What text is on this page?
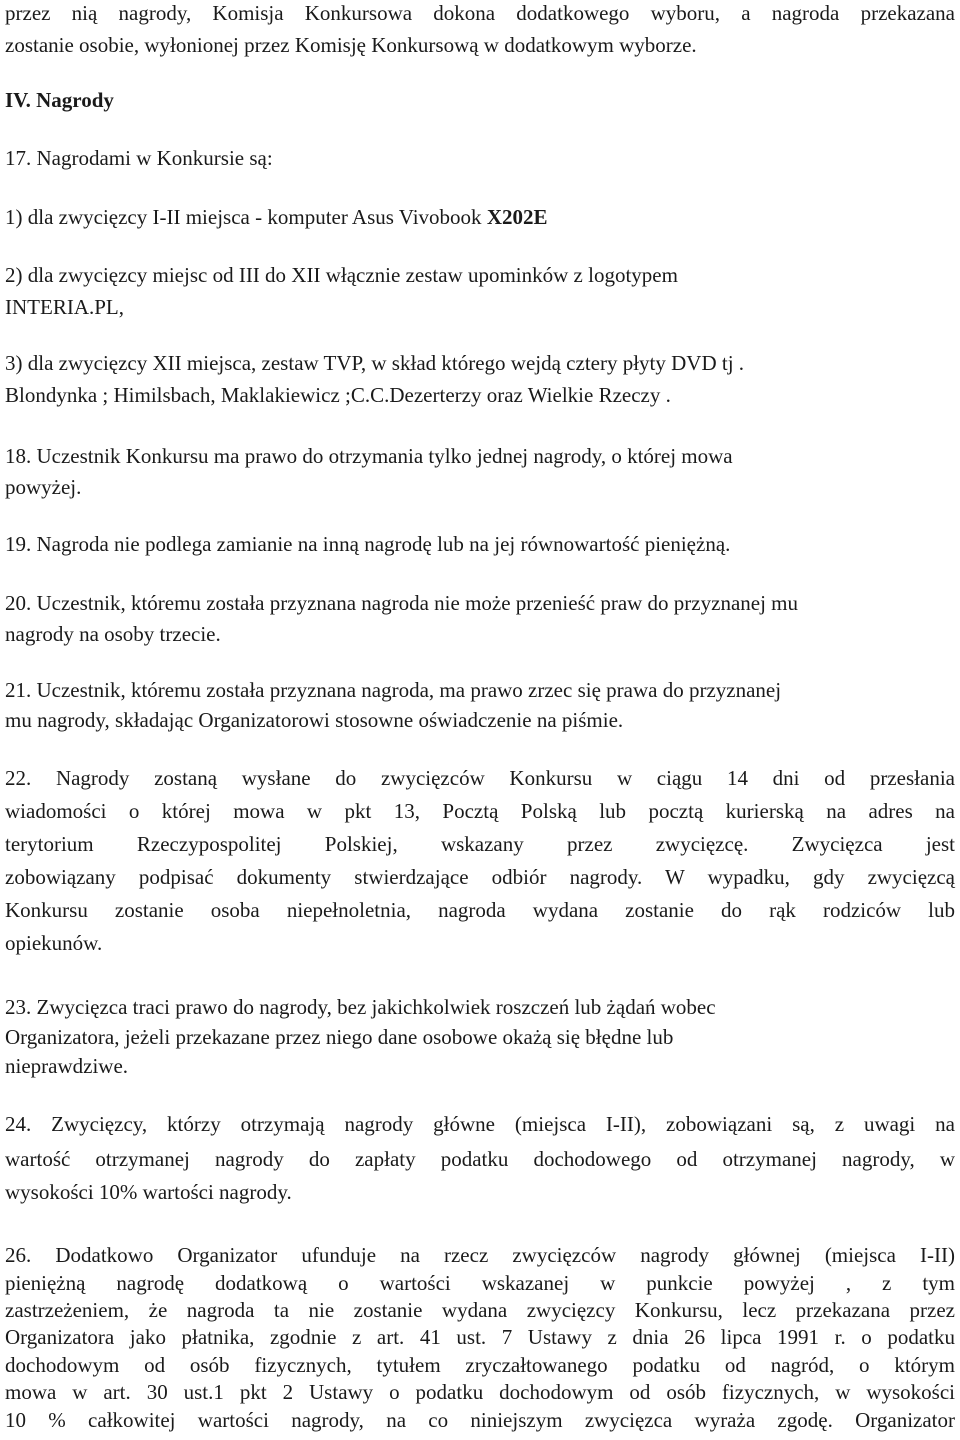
przez nią nagrody, Komisja Konkursowa dokona dodatkowego wyboru, a nagroda przekazana
zostanie osobie, wyłonionej przez Komisję Konkursową w dodatkowym wyborze.
IV. Nagrody
17. Nagrodami w Konkursie są:
1) dla zwycięzcy I-II miejsca - komputer Asus Vivobook X202E
2) dla zwycięzcy miejsc od III do XII włącznie zestaw upominków z logotypem
INTERIA.PL,
3) dla zwycięzcy XII miejsca, zestaw TVP, w skład którego wejdą cztery płyty DVD tj .
Blondynka ; Himilsbach, Maklakiewicz ;C.C.Dezerterzy oraz Wielkie Rzeczy .
18. Uczestnik Konkursu ma prawo do otrzymania tylko jednej nagrody, o której mowa
powyżej.
19. Nagroda nie podlega zamianie na inną nagrodę lub na jej równowartość pieniężną.
20. Uczestnik, któremu została przyznana nagroda nie może przenieść praw do przyznanej mu
nagrody na osoby trzecie.
21. Uczestnik, któremu została przyznana nagroda, ma prawo zrzec się prawa do przyznanej
mu nagrody, składając Organizatorowi stosowne oświadczenie na piśmie.
22. Nagrody zostaną wysłane do zwycięzców Konkursu w ciągu 14 dni od przesłania
wiadomości o której mowa w pkt 13, Pocztą Polską lub pocztą kurierską na adres na
terytorium Rzeczypospolitej Polskiej, wskazany przez zwycięzcę. Zwycięzca jest
zobowiązany podpisać dokumenty stwierdzające odbiór nagrody. W wypadku, gdy zwycięzcą
Konkursu zostanie osoba niepełnoletnia, nagroda wydana zostanie do rąk rodziców lub
opiekunów.
23. Zwycięzca traci prawo do nagrody, bez jakichkolwiek roszczeń lub żądań wobec
Organizatora, jeżeli przekazane przez niego dane osobowe okażą się błędne lub
nieprawdziwe.
24. Zwycięzcy, którzy otrzymają nagrody główne (miejsca I-II), zobowiązani są, z uwagi na
wartość otrzymanej nagrody do zapłaty podatku dochodowego od otrzymanej nagrody, w
wysokości 10% wartości nagrody.
26. Dodatkowo Organizator ufunduje na rzecz zwycięzców nagrody głównej (miejsca I-II)
pieniężną nagrodę dodatkową o wartości wskazanej w punkcie powyżej , z tym
zastrzeżeniem, że nagroda ta nie zostanie wydana zwycięzcy Konkursu, lecz przekazana przez
Organizatora jako płatnika, zgodnie z art. 41 ust. 7 Ustawy z dnia 26 lipca 1991 r. o podatku
dochodowym od osób fizycznych, tytułem zryczałtowanego podatku od nagród, o którym
mowa w art. 30 ust.1 pkt 2 Ustawy o podatku dochodowym od osób fizycznych, w wysokości
10 % całkowitej wartości nagrody, na co niniejszym zwycięzca wyraża zgodę. Organizator
